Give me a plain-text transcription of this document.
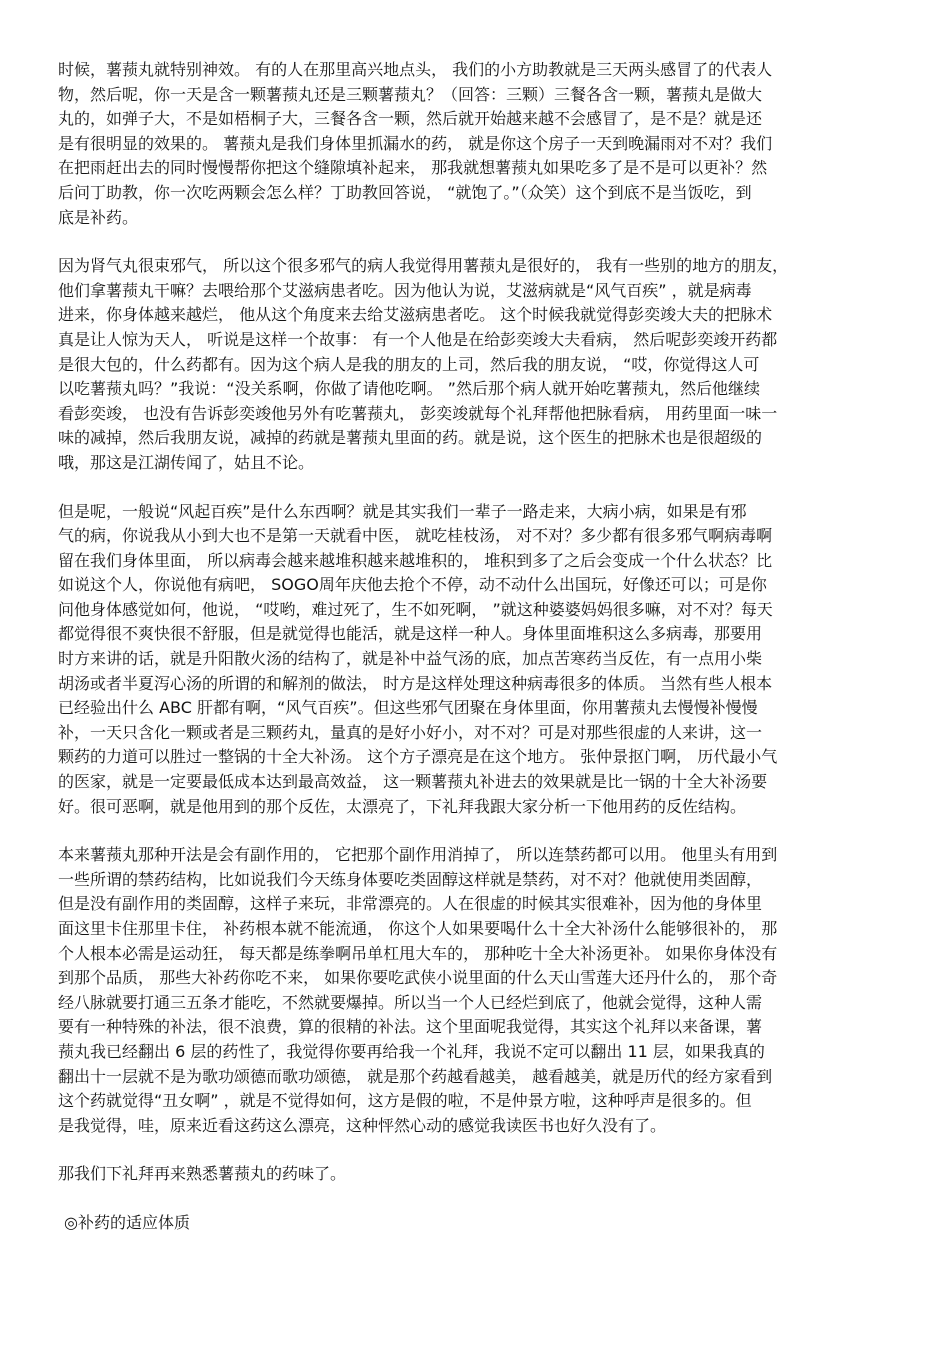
时候，薯蓣丸就特别神效。 有的人在那里高兴地点头， 我们的小方助教就是三天两头感冒了的代表人
物，然后呢，你一天是含一颗薯蓣丸还是三颗薯蓣丸？（回答：三颗）三餐各含一颗，薯蓣丸是做大
丸的，如弹子大，不是如梧桐子大，三餐各含一颗，然后就开始越来越不会感冒了，是不是？就是还
是有很明显的效果的。 薯蓣丸是我们身体里抓漏水的药， 就是你这个房子一天到晚漏雨对不对？我们
在把雨赶出去的同时慢慢帮你把这个缝隙填补起来， 那我就想薯蓣丸如果吃多了是不是可以更补？然
后问丁助教，你一次吃两颗会怎么样？丁助教回答说， “就饱了。”（众笑）这个到底不是当饭吃，到
底是补药。
因为肾气丸很束邪气， 所以这个很多邪气的病人我觉得用薯蓣丸是很好的， 我有一些别的地方的朋友，
他们拿薯蓣丸干嘛？去喂给那个艾滋病患者吃。因为他认为说，艾滋病就是“风气百疾” ，就是病毒
进来，你身体越来越烂， 他从这个角度来去给艾滋病患者吃。 这个时候我就觉得彭奕竣大夫的把脉术
真是让人惊为天人， 听说是这样一个故事： 有一个人他是在给彭奕竣大夫看病， 然后呢彭奕竣开药都
是很大包的，什么药都有。因为这个病人是我的朋友的上司，然后我的朋友说， “哎，你觉得这人可
以吃薯蓣丸吗？”我说：“没关系啊，你做了请他吃啊。 ”然后那个病人就开始吃薯蓣丸，然后他继续
看彭奕竣， 也没有告诉彭奕竣他另外有吃薯蓣丸， 彭奕竣就每个礼拜帮他把脉看病， 用药里面一味一
味的减掉，然后我朋友说，减掉的药就是薯蓣丸里面的药。就是说，这个医生的把脉术也是很超级的
哦，那这是江湖传闻了，姑且不论。
但是呢，一般说“风起百疾”是什么东西啊？就是其实我们一辈子一路走来，大病小病，如果是有邪
气的病，你说我从小到大也不是第一天就看中医， 就吃桂枝汤， 对不对？多少都有很多邪气啊病毒啊
留在我们身体里面， 所以病毒会越来越堆积越来越堆积的， 堆积到多了之后会变成一个什么状态？比
如说这个人，你说他有病吧， SOGO周年庆他去抢个不停，动不动什么出国玩，好像还可以；可是你
问他身体感觉如何，他说， “哎哟，难过死了，生不如死啊， ”就这种婆婆妈妈很多嘛，对不对？每天
都觉得很不爽快很不舒服，但是就觉得也能活，就是这样一种人。身体里面堆积这么多病毒，那要用
时方来讲的话，就是升阳散火汤的结构了，就是补中益气汤的底，加点苦寒药当反佐，有一点用小柴
胡汤或者半夏泻心汤的所谓的和解剂的做法， 时方是这样处理这种病毒很多的体质。 当然有些人根本
已经验出什么 ABC 肝都有啊，“风气百疾”。但这些邪气团聚在身体里面，你用薯蓣丸去慢慢补慢慢
补，一天只含化一颗或者是三颗药丸，量真的是好小好小，对不对？可是对那些很虚的人来讲，这一
颗药的力道可以胜过一整锅的十全大补汤。 这个方子漂亮是在这个地方。 张仲景抠门啊， 历代最小气
的医家，就是一定要最低成本达到最高效益， 这一颗薯蓣丸补进去的效果就是比一锅的十全大补汤要
好。很可恶啊，就是他用到的那个反佐，太漂亮了，下礼拜我跟大家分析一下他用药的反佐结构。
本来薯蓣丸那种开法是会有副作用的， 它把那个副作用消掉了， 所以连禁药都可以用。 他里头有用到
一些所谓的禁药结构，比如说我们今天练身体要吃类固醇这样就是禁药，对不对？他就使用类固醇，
但是没有副作用的类固醇，这样子来玩，非常漂亮的。人在很虚的时候其实很难补，因为他的身体里
面这里卡住那里卡住， 补药根本就不能流通， 你这个人如果要喝什么十全大补汤什么能够很补的， 那
个人根本必需是运动狂， 每天都是练拳啊吊单杠甩大车的， 那种吃十全大补汤更补。 如果你身体没有
到那个品质， 那些大补药你吃不来， 如果你要吃武侠小说里面的什么天山雪莲大还丹什么的， 那个奇
经八脉就要打通三五条才能吃，不然就要爆掉。所以当一个人已经烂到底了，他就会觉得，这种人需
要有一种特殊的补法，很不浪费，算的很精的补法。这个里面呢我觉得，其实这个礼拜以来备课，薯
蓣丸我已经翻出 6 层的药性了，我觉得你要再给我一个礼拜，我说不定可以翻出 11 层，如果我真的
翻出十一层就不是为歌功颂德而歌功颂德， 就是那个药越看越美， 越看越美，就是历代的经方家看到
这个药就觉得“丑女啊” ，就是不觉得如何，这方是假的啦，不是仲景方啦，这种呼声是很多的。但
是我觉得，哇，原来近看这药这么漂亮，这种怦然心动的感觉我读医书也好久没有了。
那我们下礼拜再来熟悉薯蓣丸的药味了。
◎补药的适应体质
